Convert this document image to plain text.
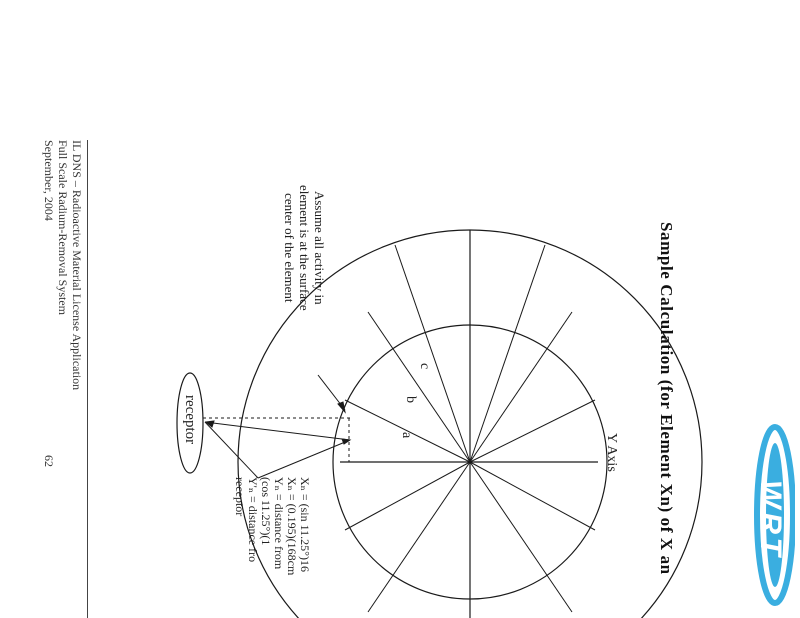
WRT
Sample Calculation (for Element Xn) of X an
Y Axis
a
b
c
receptor
Assume all activity in
element is at the surface
center of the element
Xₙ = (sin 11.25°)16
Xₙ = (0.195)(168cm
Yₙ = distance from
(cos 11.25°)(1
Y'ₙ = distance fro
receptor
IL DNS – Radioactive Material License Application
Full Scale Radium-Removal System
September, 2004
62
